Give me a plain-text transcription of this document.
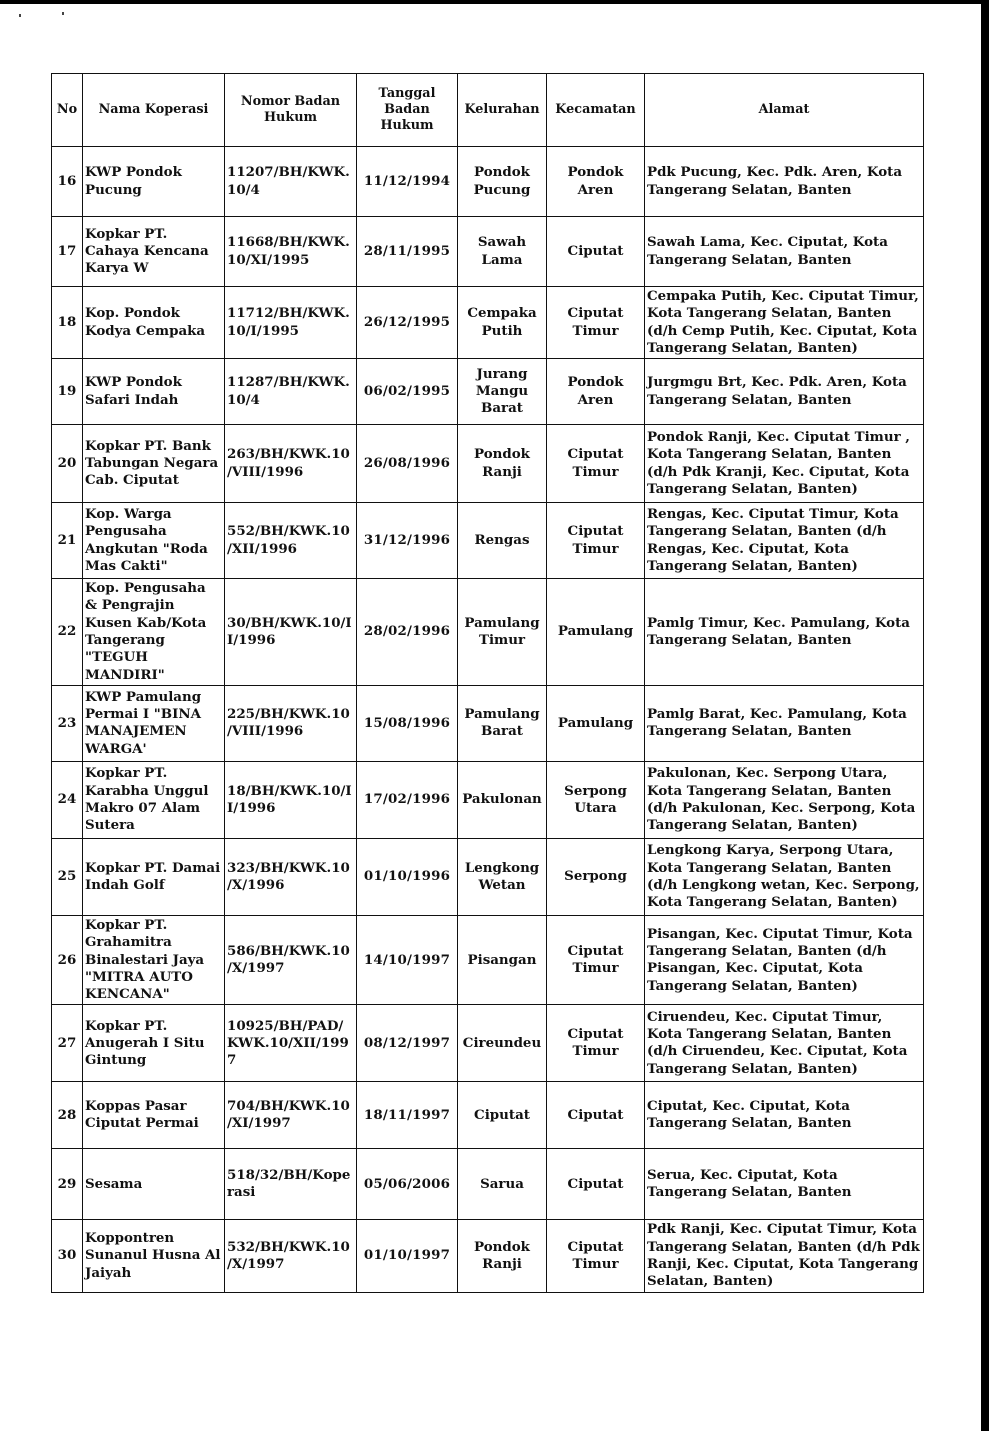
No	Nama Koperasi	Nomor Badan Hukum	Tanggal Badan Hukum	Kelurahan	Kecamatan	Alamat
16	KWP Pondok Pucung	11207/BH/KWK. 10/4	11/12/1994	Pondok Pucung	Pondok Aren	Pdk Pucung, Kec. Pdk. Aren, Kota Tangerang Selatan, Banten
17	Kopkar PT. Cahaya Kencana Karya W	11668/BH/KWK. 10/XI/1995	28/11/1995	Sawah Lama	Ciputat	Sawah Lama, Kec. Ciputat, Kota Tangerang Selatan, Banten
18	Kop. Pondok Kodya Cempaka	11712/BH/KWK. 10/I/1995	26/12/1995	Cempaka Putih	Ciputat Timur	Cempaka Putih, Kec. Ciputat Timur, Kota Tangerang Selatan, Banten (d/h Cemp Putih, Kec. Ciputat, Kota Tangerang Selatan, Banten)
19	KWP Pondok Safari Indah	11287/BH/KWK. 10/4	06/02/1995	Jurang Mangu Barat	Pondok Aren	Jurgmgu Brt, Kec. Pdk. Aren, Kota Tangerang Selatan, Banten
20	Kopkar PT. Bank Tabungan Negara Cab. Ciputat	263/BH/KWK.10 /VIII/1996	26/08/1996	Pondok Ranji	Ciputat Timur	Pondok Ranji, Kec. Ciputat Timur , Kota Tangerang Selatan, Banten (d/h Pdk Kranji, Kec. Ciputat, Kota Tangerang Selatan, Banten)
21	Kop. Warga Pengusaha Angkutan "Roda Mas Cakti"	552/BH/KWK.10 /XII/1996	31/12/1996	Rengas	Ciputat Timur	Rengas, Kec. Ciputat Timur, Kota Tangerang Selatan, Banten (d/h Rengas, Kec. Ciputat, Kota Tangerang Selatan, Banten)
22	Kop. Pengusaha & Pengrajin Kusen Kab/Kota Tangerang "TEGUH MANDIRI"	30/BH/KWK.10/I I/1996	28/02/1996	Pamulang Timur	Pamulang	Pamlg Timur, Kec. Pamulang, Kota Tangerang Selatan, Banten
23	KWP Pamulang Permai I "BINA MANAJEMEN WARGA'	225/BH/KWK.10 /VIII/1996	15/08/1996	Pamulang Barat	Pamulang	Pamlg Barat, Kec. Pamulang, Kota Tangerang Selatan, Banten
24	Kopkar PT. Karabha Unggul Makro 07 Alam Sutera	18/BH/KWK.10/I I/1996	17/02/1996	Pakulonan	Serpong Utara	Pakulonan, Kec. Serpong Utara, Kota Tangerang Selatan, Banten (d/h Pakulonan, Kec. Serpong, Kota Tangerang Selatan, Banten)
25	Kopkar PT. Damai Indah Golf	323/BH/KWK.10 /X/1996	01/10/1996	Lengkong Wetan	Serpong	Lengkong Karya, Serpong Utara, Kota Tangerang Selatan, Banten (d/h Lengkong wetan, Kec. Serpong, Kota Tangerang Selatan, Banten)
26	Kopkar PT. Grahamitra Binalestari Jaya "MITRA AUTO KENCANA"	586/BH/KWK.10 /X/1997	14/10/1997	Pisangan	Ciputat Timur	Pisangan, Kec. Ciputat Timur, Kota Tangerang Selatan, Banten (d/h Pisangan, Kec. Ciputat, Kota Tangerang Selatan, Banten)
27	Kopkar PT. Anugerah I Situ Gintung	10925/BH/PAD/ KWK.10/XII/199 7	08/12/1997	Cireundeu	Ciputat Timur	Ciruendeu, Kec. Ciputat Timur, Kota Tangerang Selatan, Banten (d/h Ciruendeu, Kec. Ciputat, Kota Tangerang Selatan, Banten)
28	Koppas Pasar Ciputat Permai	704/BH/KWK.10 /XI/1997	18/11/1997	Ciputat	Ciputat	Ciputat, Kec. Ciputat, Kota Tangerang Selatan, Banten
29	Sesama	518/32/BH/Kope rasi	05/06/2006	Sarua	Ciputat	Serua, Kec. Ciputat, Kota Tangerang Selatan, Banten
30	Koppontren Sunanul Husna Al Jaiyah	532/BH/KWK.10 /X/1997	01/10/1997	Pondok Ranji	Ciputat Timur	Pdk Ranji, Kec. Ciputat Timur, Kota Tangerang Selatan, Banten (d/h Pdk Ranji, Kec. Ciputat, Kota Tangerang Selatan, Banten)
